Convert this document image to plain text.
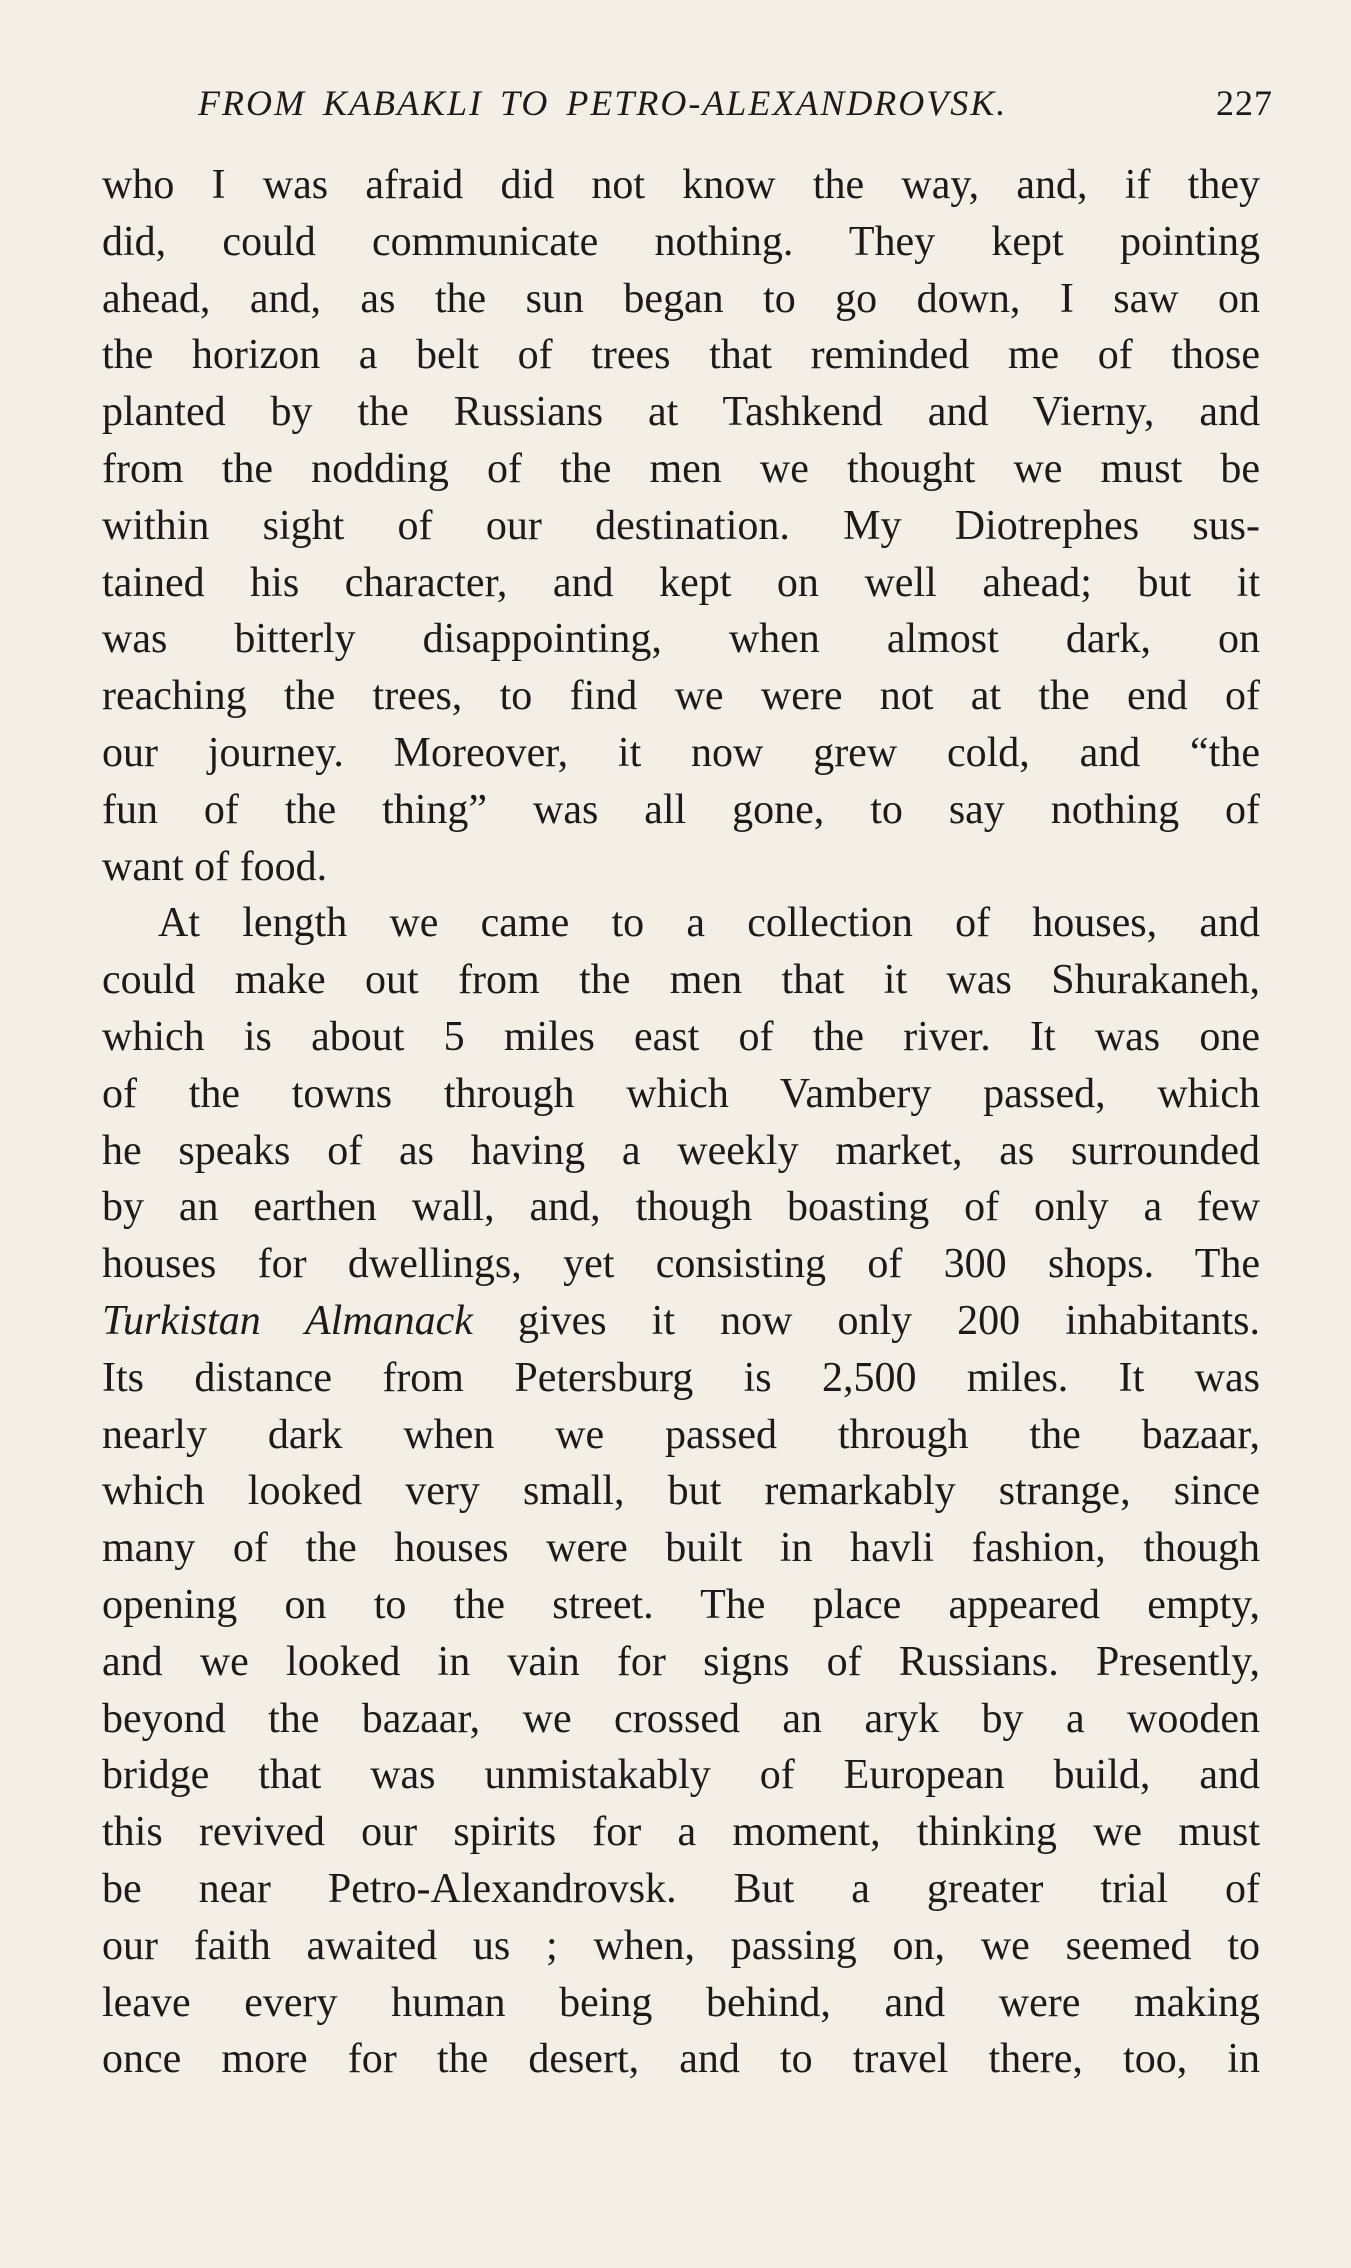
FROM KABAKLI TO PETRO-ALEXANDROVSK.	227
who I was afraid did not know the way, and, if they
did, could communicate nothing. They kept pointing
ahead, and, as the sun began to go down, I saw on
the horizon a belt of trees that reminded me of those
planted by the Russians at Tashkend and Vierny, and
from the nodding of the men we thought we must be
within sight of our destination. My Diotrephes sus-
tained his character, and kept on well ahead; but it
was bitterly disappointing, when almost dark, on
reaching the trees, to find we were not at the end of
our journey. Moreover, it now grew cold, and “the
fun of the thing” was all gone, to say nothing of
want of food.
At length we came to a collection of houses, and
could make out from the men that it was Shurakaneh,
which is about 5 miles east of the river. It was one
of the towns through which Vambery passed, which
he speaks of as having a weekly market, as surrounded
by an earthen wall, and, though boasting of only a few
houses for dwellings, yet consisting of 300 shops. The
Turkistan Almanack gives it now only 200 inhabitants.
Its distance from Petersburg is 2,500 miles. It was
nearly dark when we passed through the bazaar,
which looked very small, but remarkably strange, since
many of the houses were built in havli fashion, though
opening on to the street. The place appeared empty,
and we looked in vain for signs of Russians. Presently,
beyond the bazaar, we crossed an aryk by a wooden
bridge that was unmistakably of European build, and
this revived our spirits for a moment, thinking we must
be near Petro-Alexandrovsk. But a greater trial of
our faith awaited us ; when, passing on, we seemed to
leave every human being behind, and were making
once more for the desert, and to travel there, too, in
